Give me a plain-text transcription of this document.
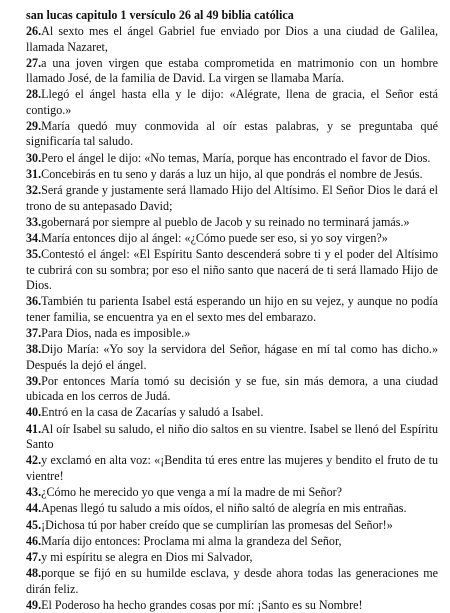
san lucas capitulo 1 versículo 26 al 49 biblia católica
26.Al sexto mes el ángel Gabriel fue enviado por Dios a una ciudad de Galilea, llamada Nazaret,
27.a una joven virgen que estaba comprometida en matrimonio con un hombre llamado José, de la familia de David. La virgen se llamaba María.
28.Llegó el ángel hasta ella y le dijo: «Alégrate, llena de gracia, el Señor está contigo.»
29.María quedó muy conmovida al oír estas palabras, y se preguntaba qué significaría tal saludo.
30.Pero el ángel le dijo: «No temas, María, porque has encontrado el favor de Dios.
31.Concebirás en tu seno y darás a luz un hijo, al que pondrás el nombre de Jesús.
32.Será grande y justamente será llamado Hijo del Altísimo. El Señor Dios le dará el trono de su antepasado David;
33.gobernará por siempre al pueblo de Jacob y su reinado no terminará jamás.»
34.María entonces dijo al ángel: «¿Cómo puede ser eso, si yo soy virgen?»
35.Contestó el ángel: «El Espíritu Santo descenderá sobre ti y el poder del Altísimo te cubrirá con su sombra; por eso el niño santo que nacerá de ti será llamado Hijo de Dios.
36.También tu parienta Isabel está esperando un hijo en su vejez, y aunque no podía tener familia, se encuentra ya en el sexto mes del embarazo.
37.Para Dios, nada es imposible.»
38.Dijo María: «Yo soy la servidora del Señor, hágase en mí tal como has dicho.» Después la dejó el ángel.
39.Por entonces María tomó su decisión y se fue, sin más demora, a una ciudad ubicada en los cerros de Judá.
40.Entró en la casa de Zacarías y saludó a Isabel.
41.Al oír Isabel su saludo, el niño dio saltos en su vientre. Isabel se llenó del Espíritu Santo
42.y exclamó en alta voz: «¡Bendita tú eres entre las mujeres y bendito el fruto de tu vientre!
43.¿Cómo he merecido yo que venga a mí la madre de mi Señor?
44.Apenas llegó tu saludo a mis oídos, el niño saltó de alegría en mis entrañas.
45.¡Dichosa tú por haber creído que se cumplirían las promesas del Señor!»
46.María dijo entonces: Proclama mi alma la grandeza del Señor,
47.y mi espíritu se alegra en Dios mi Salvador,
48.porque se fijó en su humilde esclava, y desde ahora todas las generaciones me dirán feliz.
49.El Poderoso ha hecho grandes cosas por mí: ¡Santo es su Nombre!
